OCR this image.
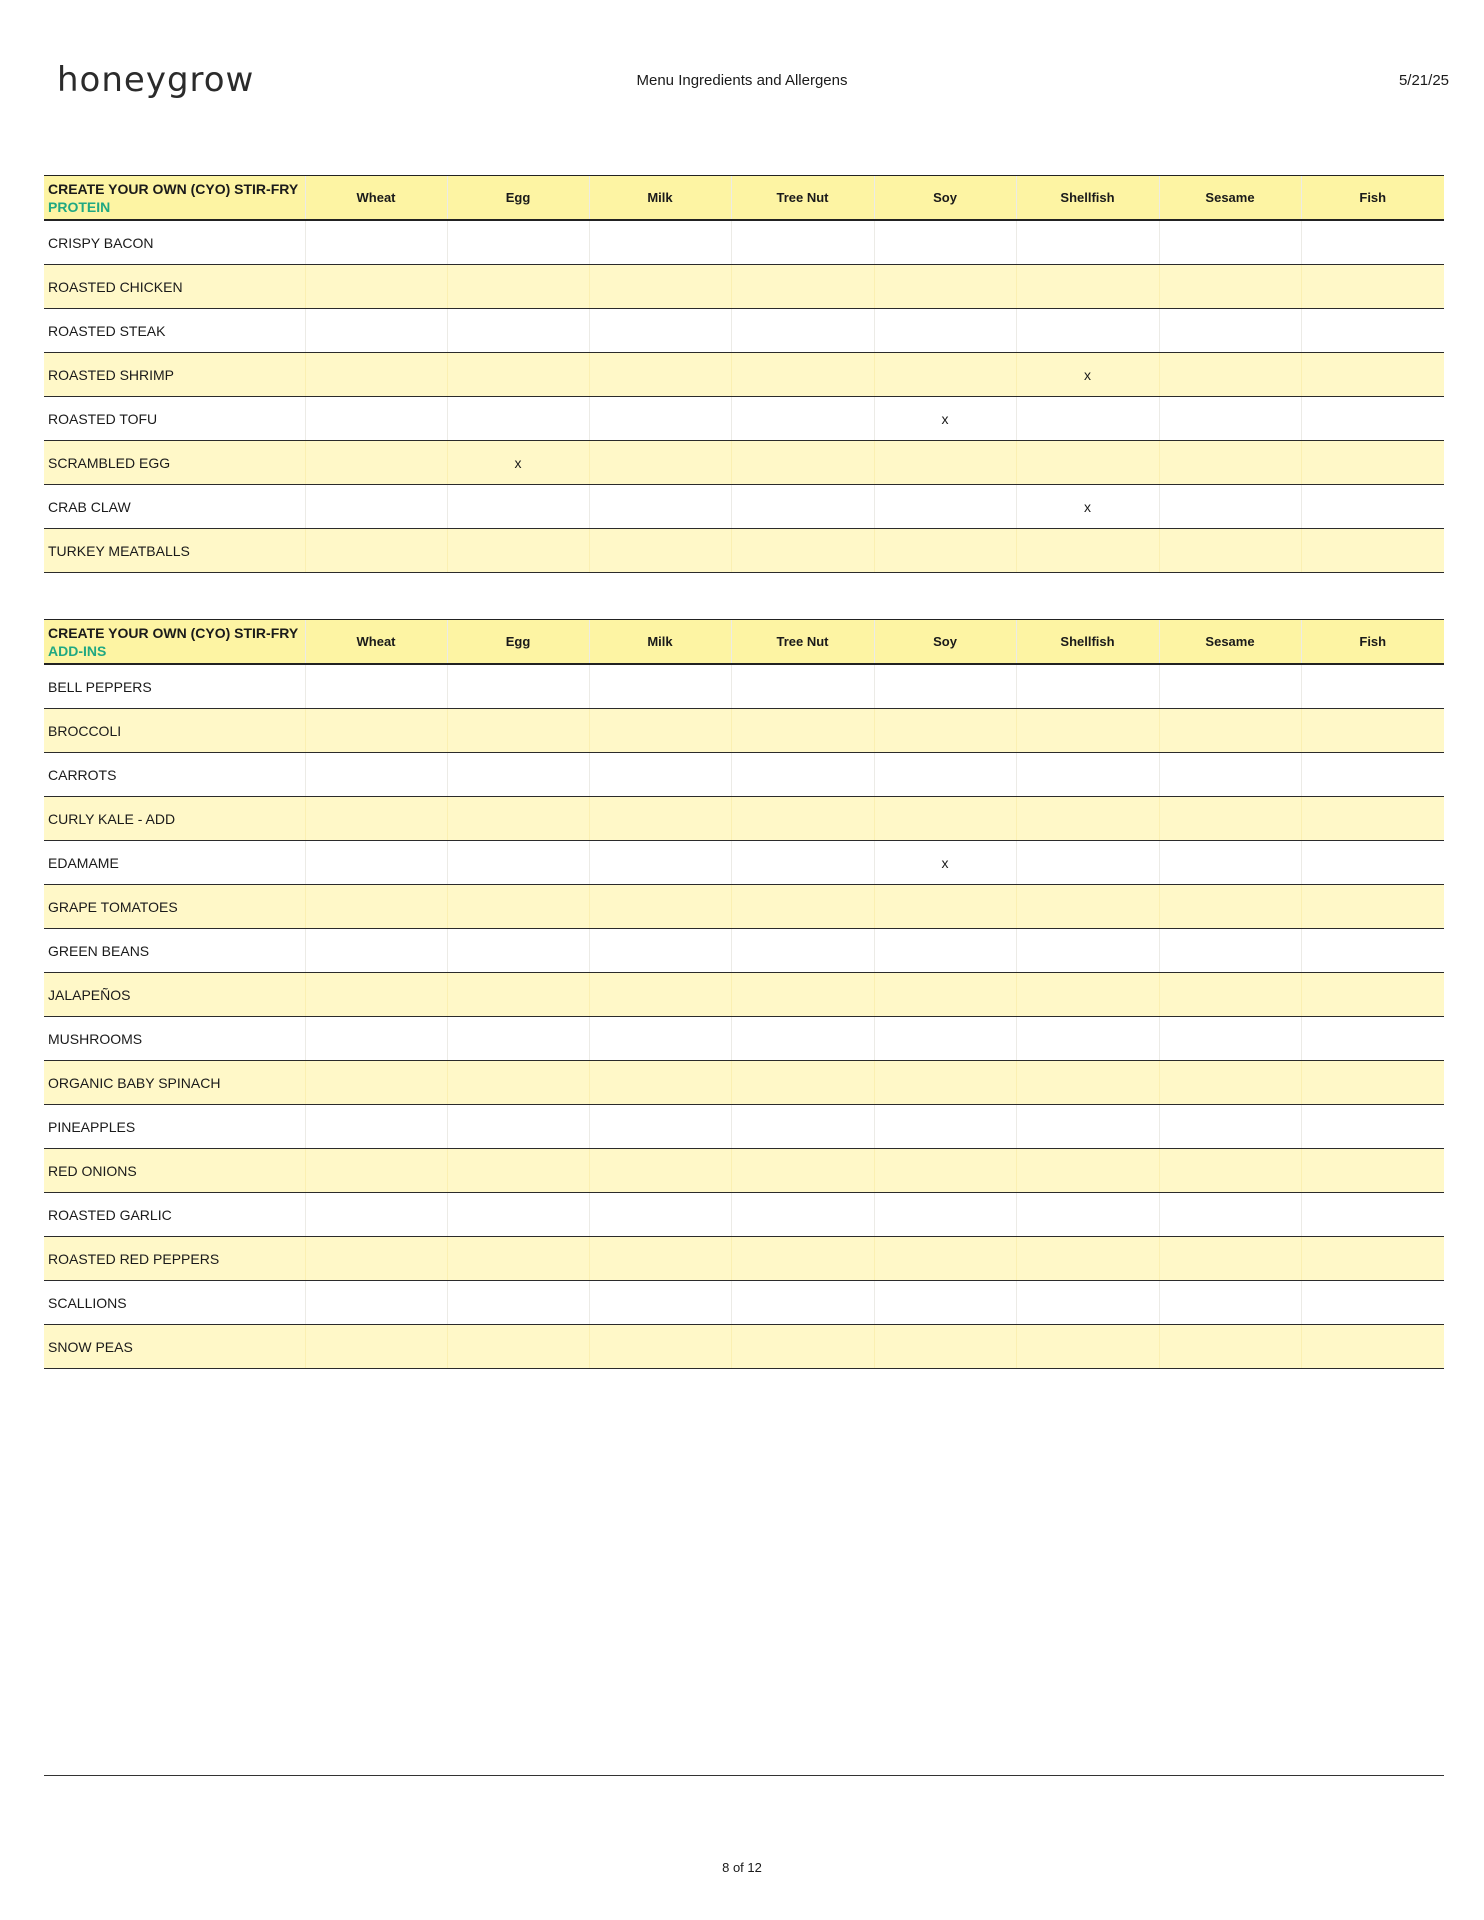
honeygrow	Menu Ingredients and Allergens	5/21/25
CREATE YOUR OWN (CYO) STIR-FRY
PROTEIN	Wheat	Egg	Milk	Tree Nut	Soy	Shellfish	Sesame	Fish
CRISPY BACON								
ROASTED CHICKEN								
ROASTED STEAK								
ROASTED SHRIMP						x		
ROASTED TOFU					x			
SCRAMBLED EGG		x						
CRAB CLAW						x		
TURKEY MEATBALLS								
CREATE YOUR OWN (CYO) STIR-FRY
ADD-INS	Wheat	Egg	Milk	Tree Nut	Soy	Shellfish	Sesame	Fish
BELL PEPPERS								
BROCCOLI								
CARROTS								
CURLY KALE - ADD								
EDAMAME					x			
GRAPE TOMATOES								
GREEN BEANS								
JALAPEÑOS								
MUSHROOMS								
ORGANIC BABY SPINACH								
PINEAPPLES								
RED ONIONS								
ROASTED GARLIC								
ROASTED RED PEPPERS								
SCALLIONS								
SNOW PEAS								
8 of 12
